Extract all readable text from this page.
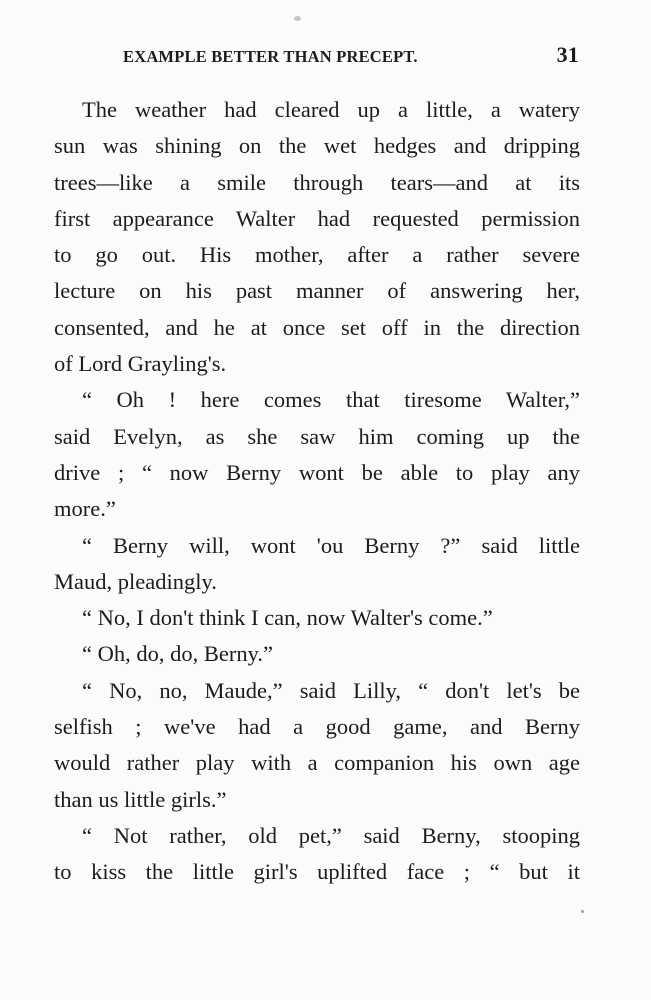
EXAMPLE BETTER THAN PRECEPT.	31
The weather had cleared up a little, a watery
sun was shining on the wet hedges and dripping
trees—like a smile through tears—and at its
first appearance Walter had requested permission
to go out. His mother, after a rather severe
lecture on his past manner of answering her,
consented, and he at once set off in the direction
of Lord Grayling's.
“ Oh ! here comes that tiresome Walter,”
said Evelyn, as she saw him coming up the
drive ; “ now Berny wont be able to play any
more.”
“ Berny will, wont 'ou Berny ?” said little
Maud, pleadingly.
“ No, I don't think I can, now Walter's come.”
“ Oh, do, do, Berny.”
“ No, no, Maude,” said Lilly, “ don't let's be
selfish ; we've had a good game, and Berny
would rather play with a companion his own age
than us little girls.”
“ Not rather, old pet,” said Berny, stooping
to kiss the little girl's uplifted face ; “ but it
